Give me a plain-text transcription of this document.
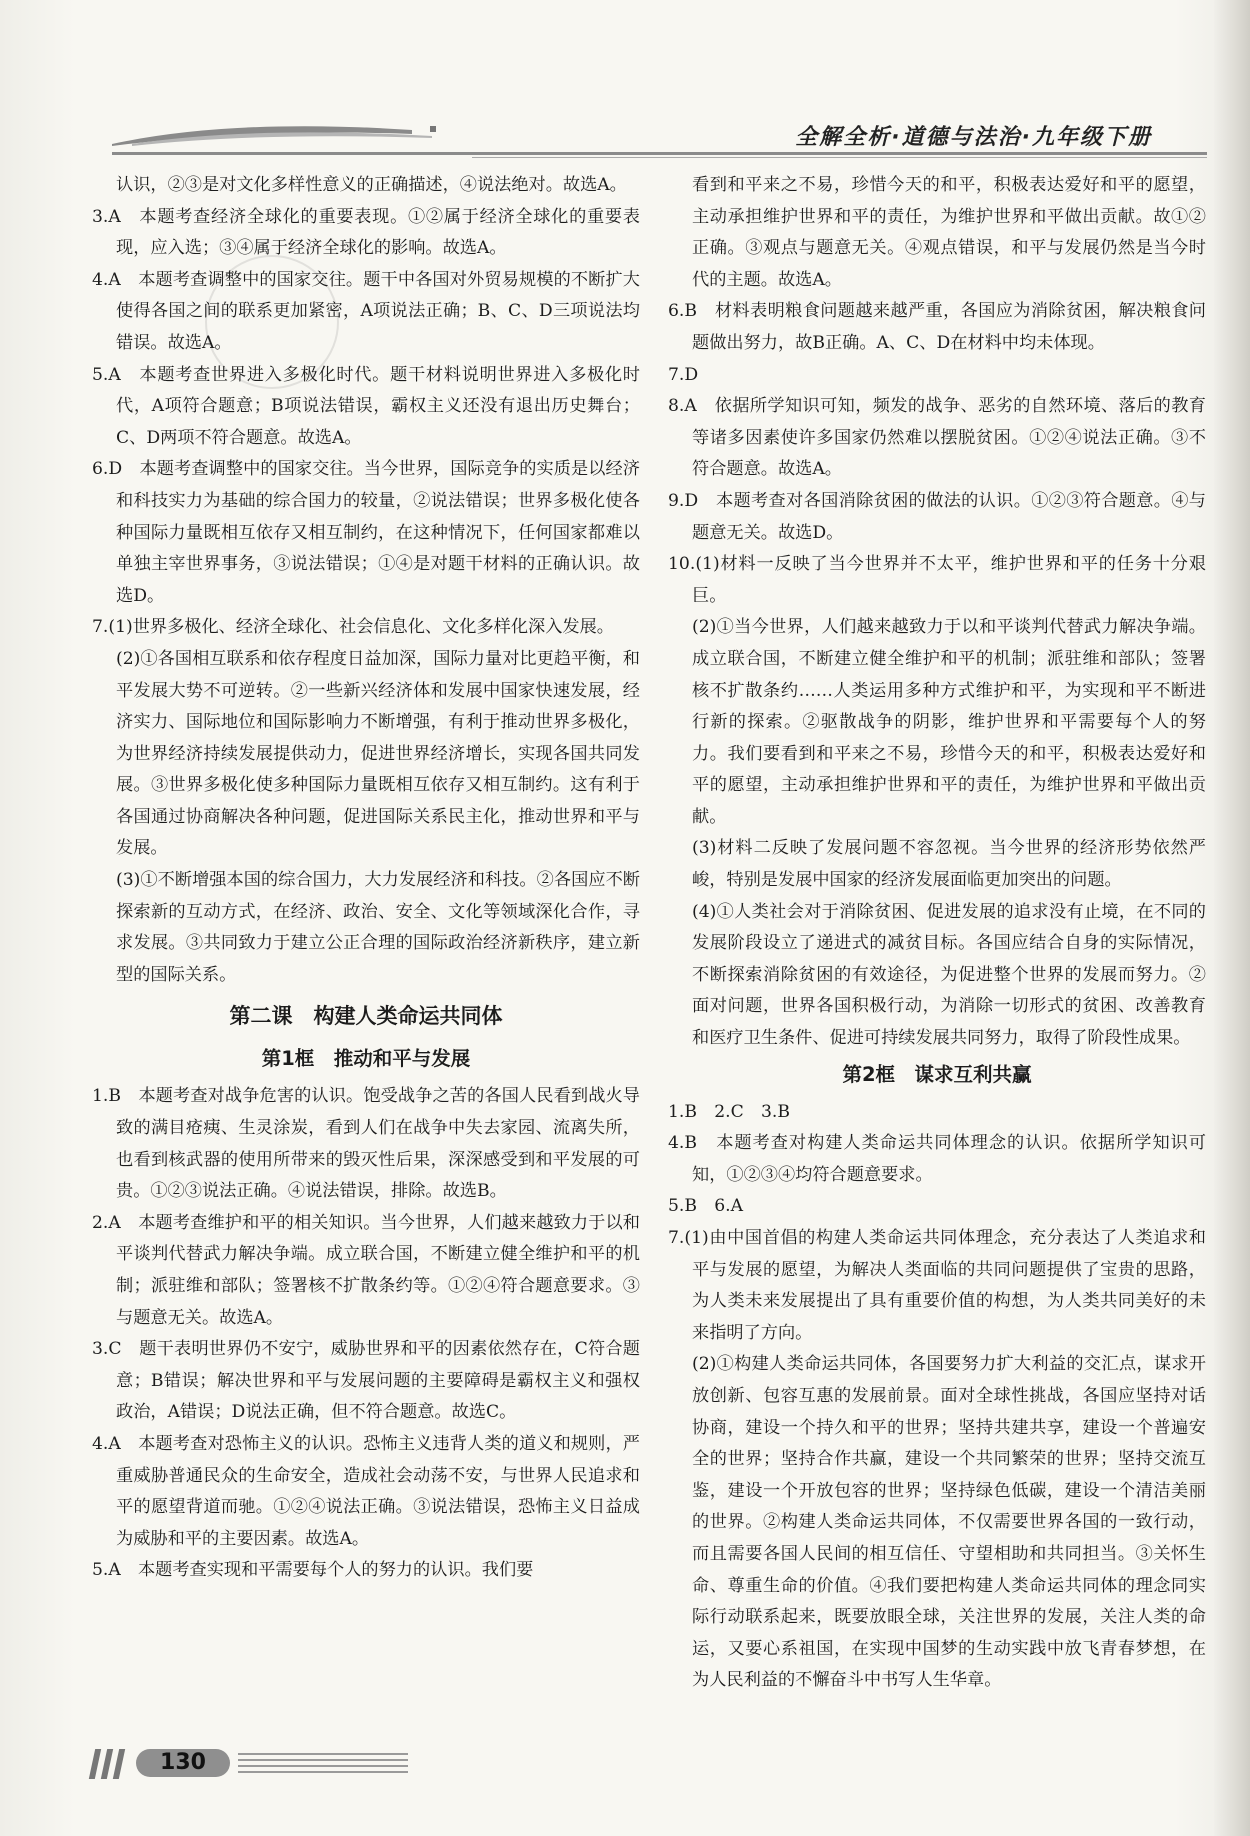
全解全析·道德与法治·九年级下册

认识，②③是对文化多样性意义的正确描述，④说法绝对。故选A。

3.A　本题考查经济全球化的重要表现。①②属于经济全球化的重要表现，应入选；③④属于经济全球化的影响。故选A。

4.A　本题考查调整中的国家交往。题干中各国对外贸易规模的不断扩大使得各国之间的联系更加紧密，A项说法正确；B、C、D三项说法均错误。故选A。

5.A　本题考查世界进入多极化时代。题干材料说明世界进入多极化时代，A项符合题意；B项说法错误，霸权主义还没有退出历史舞台；C、D两项不符合题意。故选A。

6.D　本题考查调整中的国家交往。当今世界，国际竞争的实质是以经济和科技实力为基础的综合国力的较量，②说法错误；世界多极化使各种国际力量既相互依存又相互制约，在这种情况下，任何国家都难以单独主宰世界事务，③说法错误；①④是对题干材料的正确认识。故选D。

7.(1)世界多极化、经济全球化、社会信息化、文化多样化深入发展。

(2)①各国相互联系和依存程度日益加深，国际力量对比更趋平衡，和平发展大势不可逆转。②一些新兴经济体和发展中国家快速发展，经济实力、国际地位和国际影响力不断增强，有利于推动世界多极化，为世界经济持续发展提供动力，促进世界经济增长，实现各国共同发展。③世界多极化使多种国际力量既相互依存又相互制约。这有利于各国通过协商解决各种问题，促进国际关系民主化，推动世界和平与发展。

(3)①不断增强本国的综合国力，大力发展经济和科技。②各国应不断探索新的互动方式，在经济、政治、安全、文化等领域深化合作，寻求发展。③共同致力于建立公正合理的国际政治经济新秩序，建立新型的国际关系。

第二课　构建人类命运共同体

第1框　推动和平与发展

1.B　本题考查对战争危害的认识。饱受战争之苦的各国人民看到战火导致的满目疮痍、生灵涂炭，看到人们在战争中失去家园、流离失所，也看到核武器的使用所带来的毁灭性后果，深深感受到和平发展的可贵。①②③说法正确。④说法错误，排除。故选B。

2.A　本题考查维护和平的相关知识。当今世界，人们越来越致力于以和平谈判代替武力解决争端。成立联合国，不断建立健全维护和平的机制；派驻维和部队；签署核不扩散条约等。①②④符合题意要求。③与题意无关。故选A。

3.C　题干表明世界仍不安宁，威胁世界和平的因素依然存在，C符合题意；B错误；解决世界和平与发展问题的主要障碍是霸权主义和强权政治，A错误；D说法正确，但不符合题意。故选C。

4.A　本题考查对恐怖主义的认识。恐怖主义违背人类的道义和规则，严重威胁普通民众的生命安全，造成社会动荡不安，与世界人民追求和平的愿望背道而驰。①②④说法正确。③说法错误，恐怖主义日益成为威胁和平的主要因素。故选A。

5.A　本题考查实现和平需要每个人的努力的认识。我们要

看到和平来之不易，珍惜今天的和平，积极表达爱好和平的愿望，主动承担维护世界和平的责任，为维护世界和平做出贡献。故①②正确。③观点与题意无关。④观点错误，和平与发展仍然是当今时代的主题。故选A。

6.B　材料表明粮食问题越来越严重，各国应为消除贫困，解决粮食问题做出努力，故B正确。A、C、D在材料中均未体现。

7.D

8.A　依据所学知识可知，频发的战争、恶劣的自然环境、落后的教育等诸多因素使许多国家仍然难以摆脱贫困。①②④说法正确。③不符合题意。故选A。

9.D　本题考查对各国消除贫困的做法的认识。①②③符合题意。④与题意无关。故选D。

10.(1)材料一反映了当今世界并不太平，维护世界和平的任务十分艰巨。

(2)①当今世界，人们越来越致力于以和平谈判代替武力解决争端。成立联合国，不断建立健全维护和平的机制；派驻维和部队；签署核不扩散条约……人类运用多种方式维护和平，为实现和平不断进行新的探索。②驱散战争的阴影，维护世界和平需要每个人的努力。我们要看到和平来之不易，珍惜今天的和平，积极表达爱好和平的愿望，主动承担维护世界和平的责任，为维护世界和平做出贡献。

(3)材料二反映了发展问题不容忽视。当今世界的经济形势依然严峻，特别是发展中国家的经济发展面临更加突出的问题。

(4)①人类社会对于消除贫困、促进发展的追求没有止境，在不同的发展阶段设立了递进式的减贫目标。各国应结合自身的实际情况，不断探索消除贫困的有效途径，为促进整个世界的发展而努力。②面对问题，世界各国积极行动，为消除一切形式的贫困、改善教育和医疗卫生条件、促进可持续发展共同努力，取得了阶段性成果。

第2框　谋求互利共赢

1.B　2.C　3.B

4.B　本题考查对构建人类命运共同体理念的认识。依据所学知识可知，①②③④均符合题意要求。

5.B　6.A

7.(1)由中国首倡的构建人类命运共同体理念，充分表达了人类追求和平与发展的愿望，为解决人类面临的共同问题提供了宝贵的思路，为人类未来发展提出了具有重要价值的构想，为人类共同美好的未来指明了方向。

(2)①构建人类命运共同体，各国要努力扩大利益的交汇点，谋求开放创新、包容互惠的发展前景。面对全球性挑战，各国应坚持对话协商，建设一个持久和平的世界；坚持共建共享，建设一个普遍安全的世界；坚持合作共赢，建设一个共同繁荣的世界；坚持交流互鉴，建设一个开放包容的世界；坚持绿色低碳，建设一个清洁美丽的世界。②构建人类命运共同体，不仅需要世界各国的一致行动，而且需要各国人民间的相互信任、守望相助和共同担当。③关怀生命、尊重生命的价值。④我们要把构建人类命运共同体的理念同实际行动联系起来，既要放眼全球，关注世界的发展，关注人类的命运，又要心系祖国，在实现中国梦的生动实践中放飞青春梦想，在为人民利益的不懈奋斗中书写人生华章。

130
